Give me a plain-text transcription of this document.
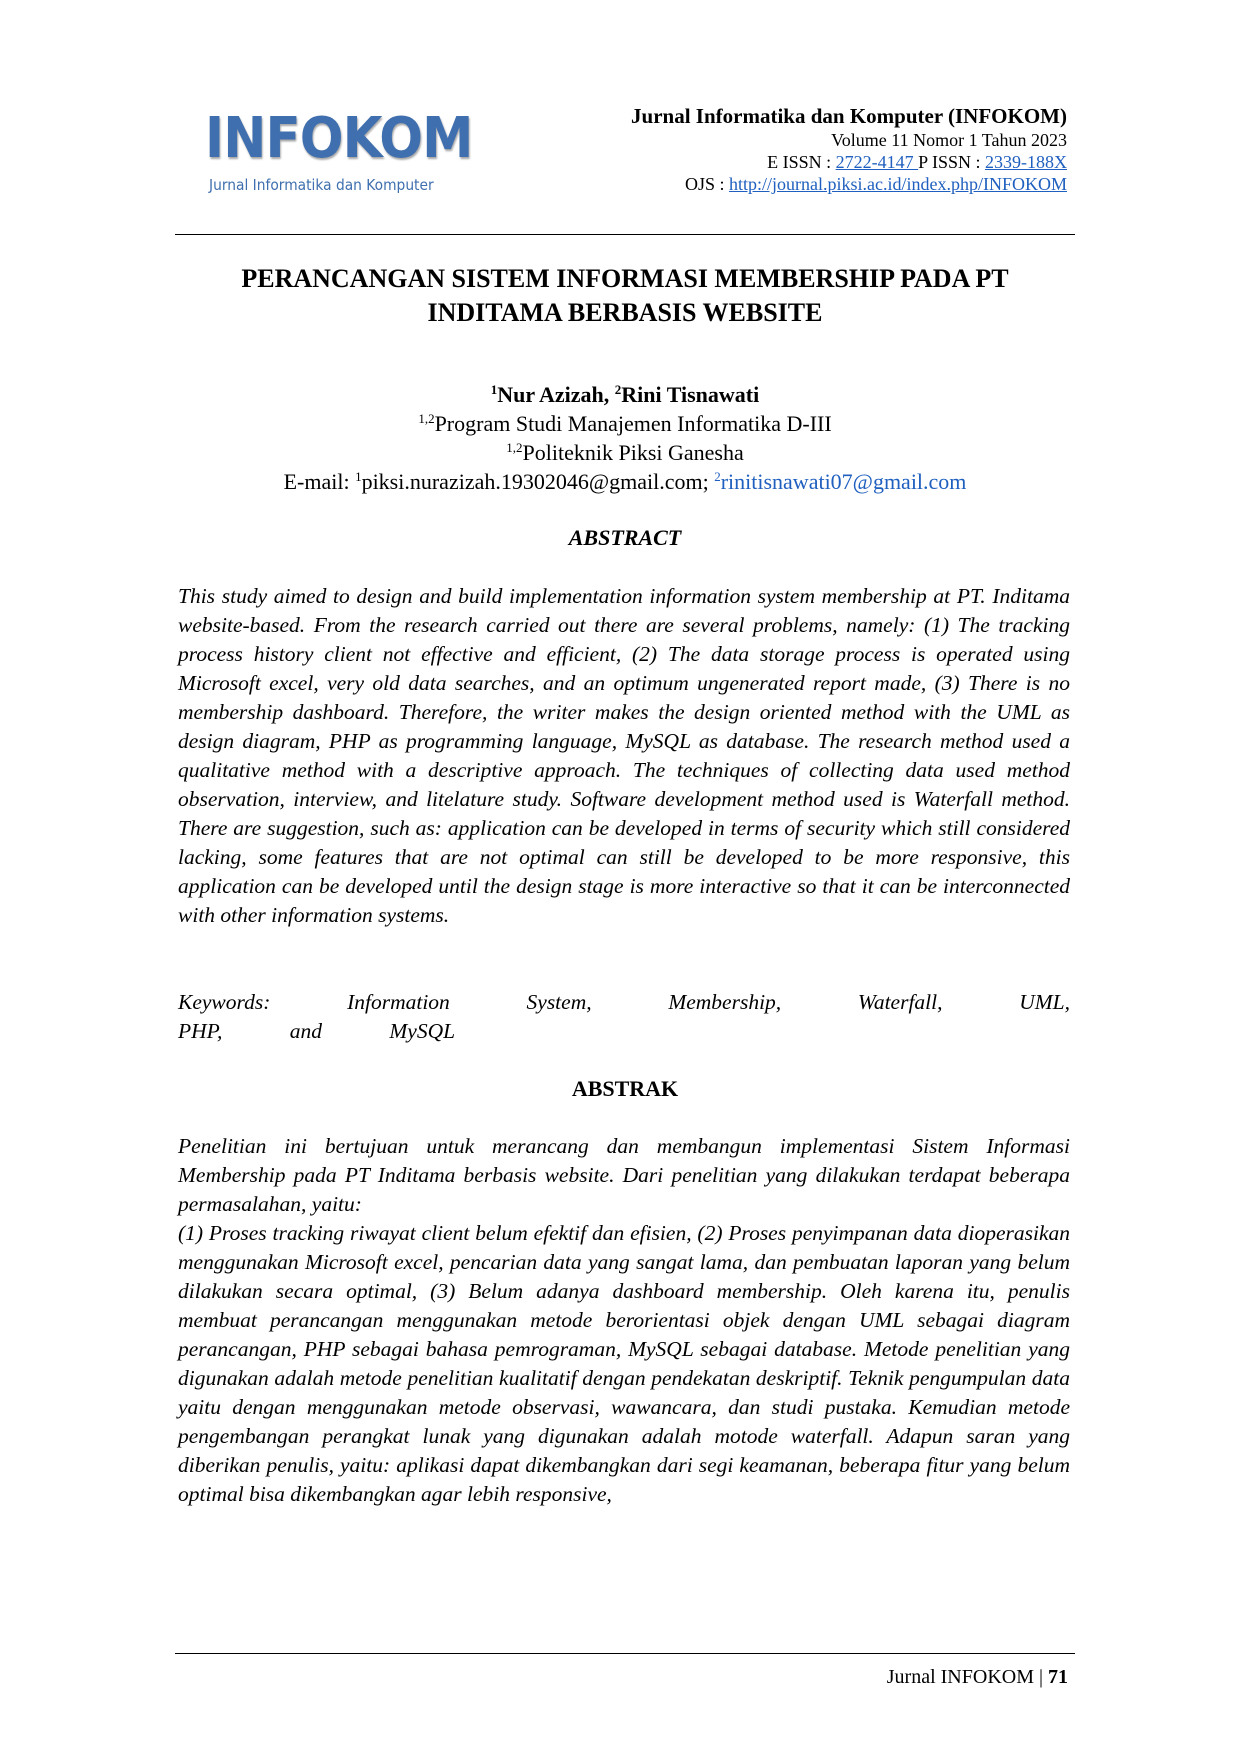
INFOKOM
Jurnal Informatika dan Komputer
Jurnal Informatika dan Komputer (INFOKOM)
Volume 11 Nomor 1 Tahun 2023
E ISSN : 2722-4147 P ISSN : 2339-188X
OJS : http://journal.piksi.ac.id/index.php/INFOKOM
PERANCANGAN SISTEM INFORMASI MEMBERSHIP PADA PT
INDITAMA BERBASIS WEBSITE
$^1$Nur Azizah, $^2$Rini Tisnawati
$^{1,2}$Program Studi Manajemen Informatika D-III
$^{1,2}$Politeknik Piksi Ganesha
E-mail: $^1$piksi.nurazizah.19302046@gmail.com; $^2$rinitisnawati07@gmail.com
ABSTRACT
This study aimed to design and build implementation information system membership at PT. Inditama website-based. From the research carried out there are several problems, namely: (1) The tracking process history client not effective and efficient, (2) The data storage process is operated using Microsoft excel, very old data searches, and an optimum ungenerated report made, (3) There is no membership dashboard. Therefore, the writer makes the design oriented method with the UML as design diagram, PHP as programming language, MySQL as database. The research method used a qualitative method with a descriptive approach. The techniques of collecting data used method observation, interview, and litelature study. Software development method used is Waterfall method. There are suggestion, such as: application can be developed in terms of security which still considered lacking, some features that are not optimal can still be developed to be more responsive, this application can be developed until the design stage is more interactive so that it can be interconnected with other information systems.
Keywords: Information System, Membership, Waterfall, UML, PHP, and MySQL
ABSTRAK

Penelitian ini bertujuan untuk merancang dan membangun implementasi Sistem Informasi Membership pada PT Inditama berbasis website. Dari penelitian yang dilakukan terdapat beberapa permasalahan, yaitu:

(1) Proses tracking riwayat client belum efektif dan efisien, (2) Proses penyimpanan data dioperasikan menggunakan Microsoft excel, pencarian data yang sangat lama, dan pembuatan laporan yang belum dilakukan secara optimal, (3) Belum adanya dashboard membership. Oleh karena itu, penulis membuat perancangan menggunakan metode berorientasi objek dengan UML sebagai diagram perancangan, PHP sebagai bahasa pemrograman, MySQL sebagai database. Metode penelitian yang digunakan adalah metode penelitian kualitatif dengan pendekatan deskriptif. Teknik pengumpulan data yaitu dengan menggunakan metode observasi, wawancara, dan studi pustaka. Kemudian metode pengembangan perangkat lunak yang digunakan adalah motode waterfall. Adapun saran yang diberikan penulis, yaitu: aplikasi dapat dikembangkan dari segi keamanan, beberapa fitur yang belum optimal bisa dikembangkan agar lebih responsive,

Jurnal INFOKOM | 71
